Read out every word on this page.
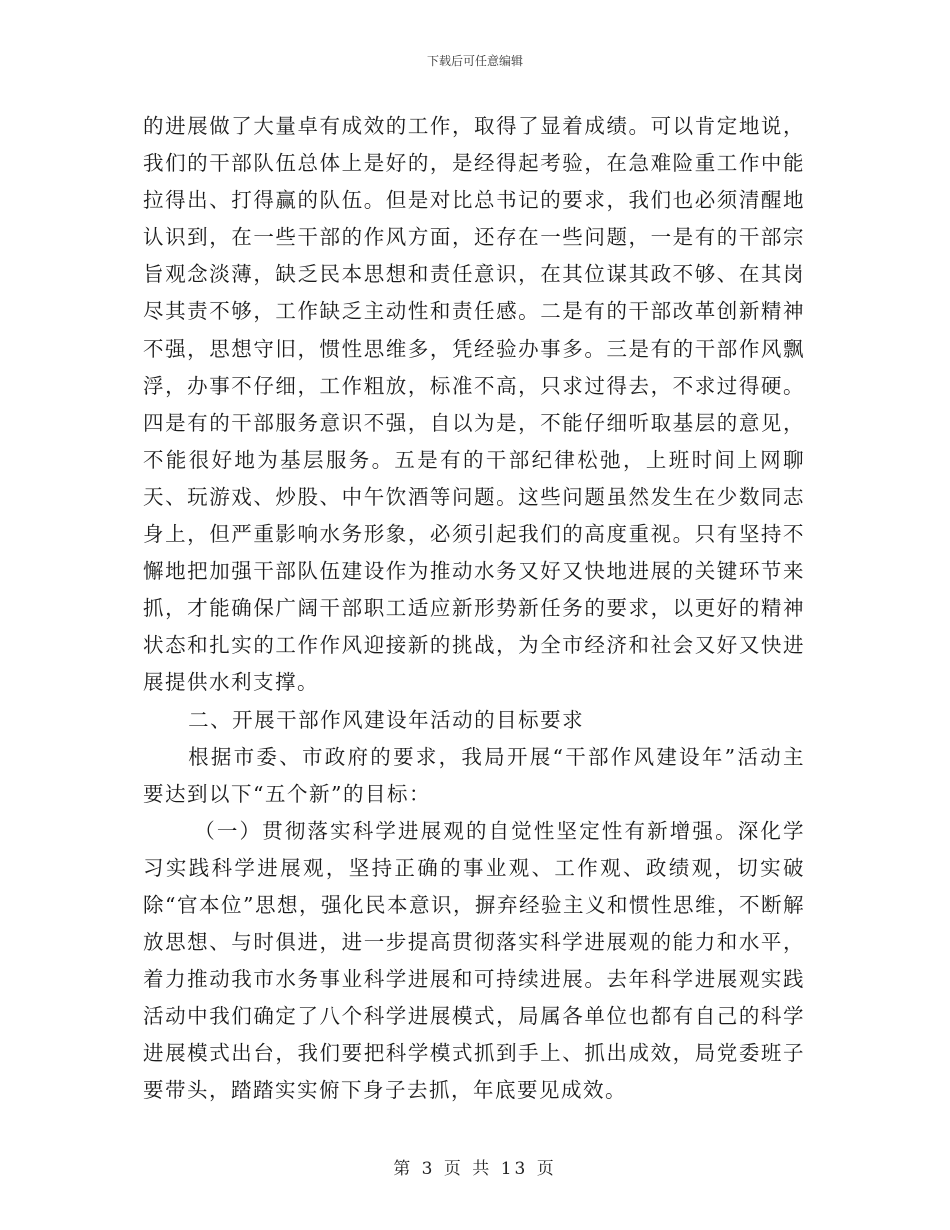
下载后可任意编辑

的进展做了大量卓有成效的工作，取得了显着成绩。可以肯定地说，我们的干部队伍总体上是好的，是经得起考验，在急难险重工作中能拉得出、打得赢的队伍。但是对比总书记的要求，我们也必须清醒地认识到，在一些干部的作风方面，还存在一些问题，一是有的干部宗旨观念淡薄，缺乏民本思想和责任意识，在其位谋其政不够、在其岗尽其责不够，工作缺乏主动性和责任感。二是有的干部改革创新精神不强，思想守旧，惯性思维多，凭经验办事多。三是有的干部作风飘浮，办事不仔细，工作粗放，标准不高，只求过得去，不求过得硬。四是有的干部服务意识不强，自以为是，不能仔细听取基层的意见，不能很好地为基层服务。五是有的干部纪律松弛，上班时间上网聊天、玩游戏、炒股、中午饮酒等问题。这些问题虽然发生在少数同志身上，但严重影响水务形象，必须引起我们的高度重视。只有坚持不懈地把加强干部队伍建设作为推动水务又好又快地进展的关键环节来抓，才能确保广阔干部职工适应新形势新任务的要求，以更好的精神状态和扎实的工作作风迎接新的挑战，为全市经济和社会又好又快进展提供水利支撑。

二、开展干部作风建设年活动的目标要求

根据市委、市政府的要求，我局开展“干部作风建设年”活动主要达到以下“五个新”的目标：

（一）贯彻落实科学进展观的自觉性坚定性有新增强。深化学习实践科学进展观，坚持正确的事业观、工作观、政绩观，切实破除“官本位”思想，强化民本意识，摒弃经验主义和惯性思维，不断解放思想、与时俱进，进一步提高贯彻落实科学进展观的能力和水平，着力推动我市水务事业科学进展和可持续进展。去年科学进展观实践活动中我们确定了八个科学进展模式，局属各单位也都有自己的科学进展模式出台，我们要把科学模式抓到手上、抓出成效，局党委班子要带头，踏踏实实俯下身子去抓，年底要见成效。

第 3 页 共 13 页
